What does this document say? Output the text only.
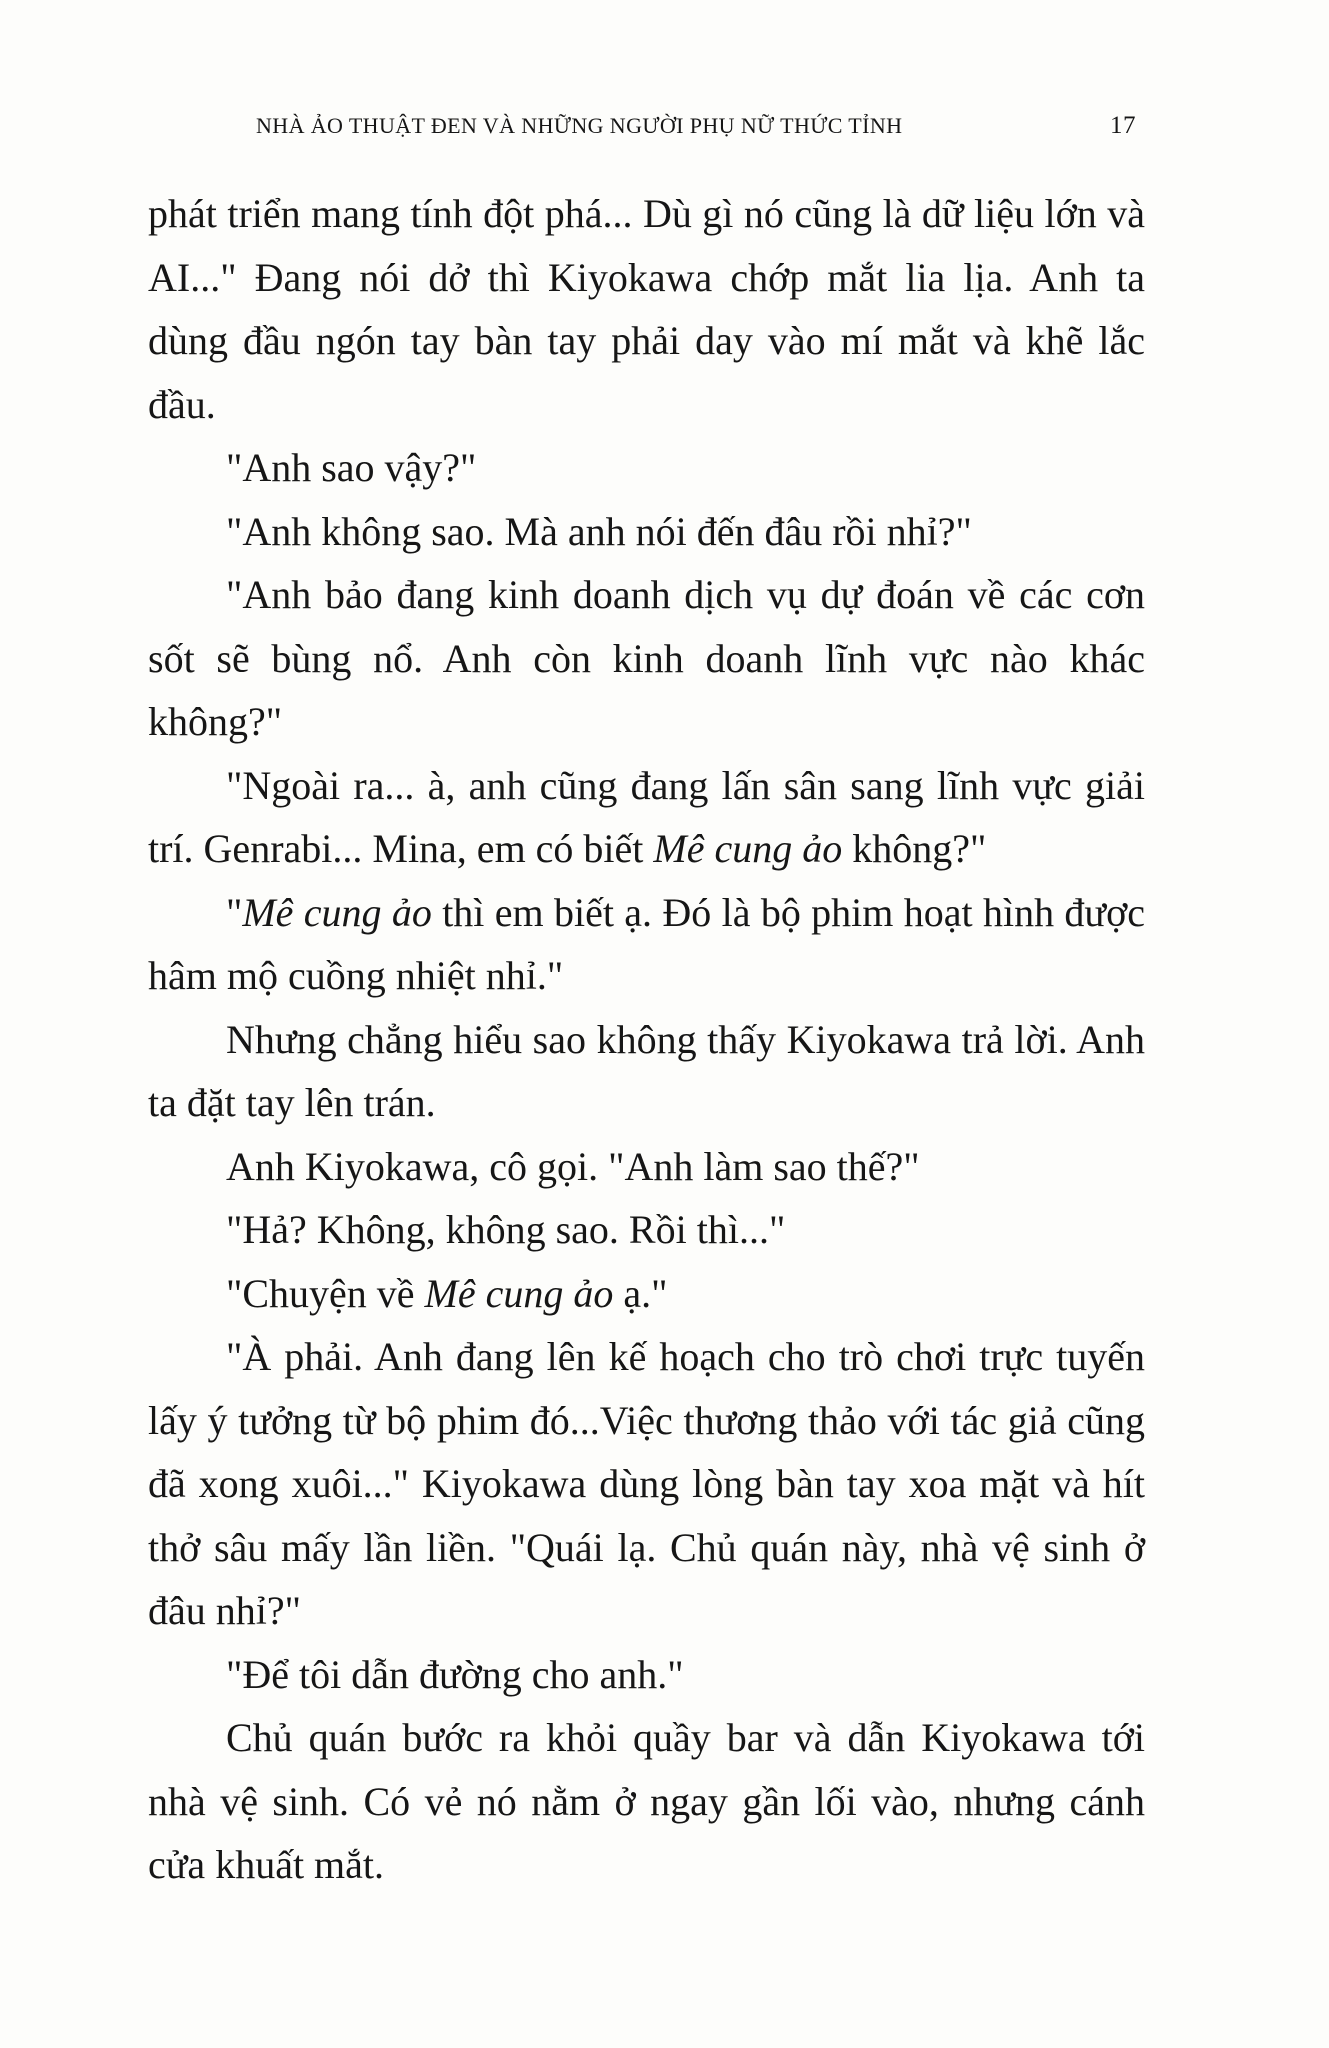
NHÀ ẢO THUẬT ĐEN VÀ NHỮNG NGƯỜI PHỤ NỮ THỨC TỈNH	17

phát triển mang tính đột phá... Dù gì nó cũng là dữ liệu lớn và AI..." Đang nói dở thì Kiyokawa chớp mắt lia lịa. Anh ta dùng đầu ngón tay bàn tay phải day vào mí mắt và khẽ lắc đầu.

"Anh sao vậy?"

"Anh không sao. Mà anh nói đến đâu rồi nhỉ?"

"Anh bảo đang kinh doanh dịch vụ dự đoán về các cơn sốt sẽ bùng nổ. Anh còn kinh doanh lĩnh vực nào khác không?"

"Ngoài ra... à, anh cũng đang lấn sân sang lĩnh vực giải trí. Genrabi... Mina, em có biết Mê cung ảo không?"

"Mê cung ảo thì em biết ạ. Đó là bộ phim hoạt hình được hâm mộ cuồng nhiệt nhỉ."

Nhưng chẳng hiểu sao không thấy Kiyokawa trả lời. Anh ta đặt tay lên trán.

Anh Kiyokawa, cô gọi. "Anh làm sao thế?"

"Hả? Không, không sao. Rồi thì..."

"Chuyện về Mê cung ảo ạ."

"À phải. Anh đang lên kế hoạch cho trò chơi trực tuyến lấy ý tưởng từ bộ phim đó...Việc thương thảo với tác giả cũng đã xong xuôi..." Kiyokawa dùng lòng bàn tay xoa mặt và hít thở sâu mấy lần liền. "Quái lạ. Chủ quán này, nhà vệ sinh ở đâu nhỉ?"

"Để tôi dẫn đường cho anh."

Chủ quán bước ra khỏi quầy bar và dẫn Kiyokawa tới nhà vệ sinh. Có vẻ nó nằm ở ngay gần lối vào, nhưng cánh cửa khuất mắt.
